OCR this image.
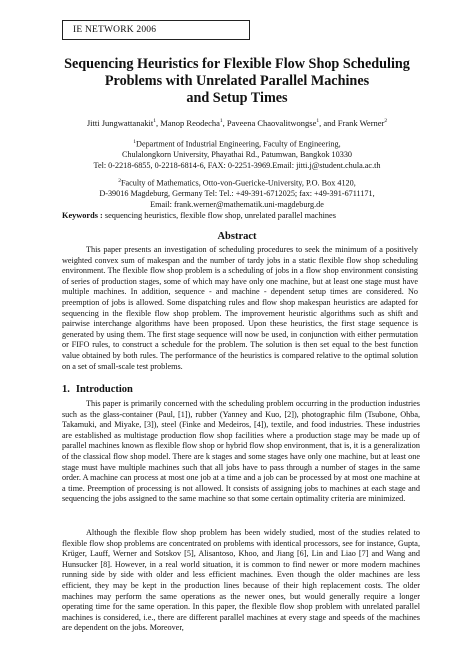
IE NETWORK 2006
Sequencing Heuristics for Flexible Flow Shop Scheduling
Problems with Unrelated Parallel Machines
and Setup Times
Jitti Jungwattanakit$^1$, Manop Reodecha$^1$, Paveena Chaovalitwongse$^1$, and Frank Werner$^2$
$^1$Department of Industrial Engineering, Faculty of Engineering,
Chulalongkorn University, Phayathai Rd., Patumwan, Bangkok 10330
Tel: 0-2218-6855, 0-2218-6814-6, FAX: 0-2251-3969.Email: jitti.j@student.chula.ac.th
$^2$Faculty of Mathematics, Otto-von-Guericke-University, P.O. Box 4120,
D-39016 Magdeburg, Germany Tel: Tel.: +49-391-6712025; fax: +49-391-6711171,
Email: frank.werner@mathematik.uni-magdeburg.de
Keywords : sequencing heuristics, flexible flow shop, unrelated parallel machines
Abstract
This paper presents an investigation of scheduling procedures to seek the minimum of a positively weighted convex sum of makespan and the number of tardy jobs in a static flexible flow shop scheduling environment. The flexible flow shop problem is a scheduling of jobs in a flow shop environment consisting of series of production stages, some of which may have only one machine, but at least one stage must have multiple machines. In addition, sequence - and machine - dependent setup times are considered. No preemption of jobs is allowed. Some dispatching rules and flow shop makespan heuristics are adapted for sequencing in the flexible flow shop problem. The improvement heuristic algorithms such as shift and pairwise interchange algorithms have been proposed. Upon these heuristics, the first stage sequence is generated by using them. The first stage sequence will now be used, in conjunction with either permutation or FIFO rules, to construct a schedule for the problem. The solution is then set equal to the best function value obtained by both rules. The performance of the heuristics is compared relative to the optimal solution on a set of small-scale test problems.
1. Introduction
This paper is primarily concerned with the scheduling problem occurring in the production industries such as the glass-container (Paul, [1]), rubber (Yanney and Kuo, [2]), photographic film (Tsubone, Ohba, Takamuki, and Miyake, [3]), steel (Finke and Medeiros, [4]), textile, and food industries. These industries are established as multistage production flow shop facilities where a production stage may be made up of parallel machines known as flexible flow shop or hybrid flow shop environment, that is, it is a generalization of the classical flow shop model. There are k stages and some stages have only one machine, but at least one stage must have multiple machines such that all jobs have to pass through a number of stages in the same order. A machine can process at most one job at a time and a job can be processed by at most one machine at a time. Preemption of processing is not allowed. It consists of assigning jobs to machines at each stage and sequencing the jobs assigned to the same machine so that some certain optimality criteria are minimized.
Although the flexible flow shop problem has been widely studied, most of the studies related to flexible flow shop problems are concentrated on problems with identical processors, see for instance, Gupta, Krüger, Lauff, Werner and Sotskov [5], Alisantoso, Khoo, and Jiang [6], Lin and Liao [7] and Wang and Hunsucker [8]. However, in a real world situation, it is common to find newer or more modern machines running side by side with older and less efficient machines. Even though the older machines are less efficient, they may be kept in the production lines because of their high replacement costs. The older machines may perform the same operations as the newer ones, but would generally require a longer operating time for the same operation. In this paper, the flexible flow shop problem with unrelated parallel machines is considered, i.e., there are different parallel machines at every stage and speeds of the machines are dependent on the jobs. Moreover,
